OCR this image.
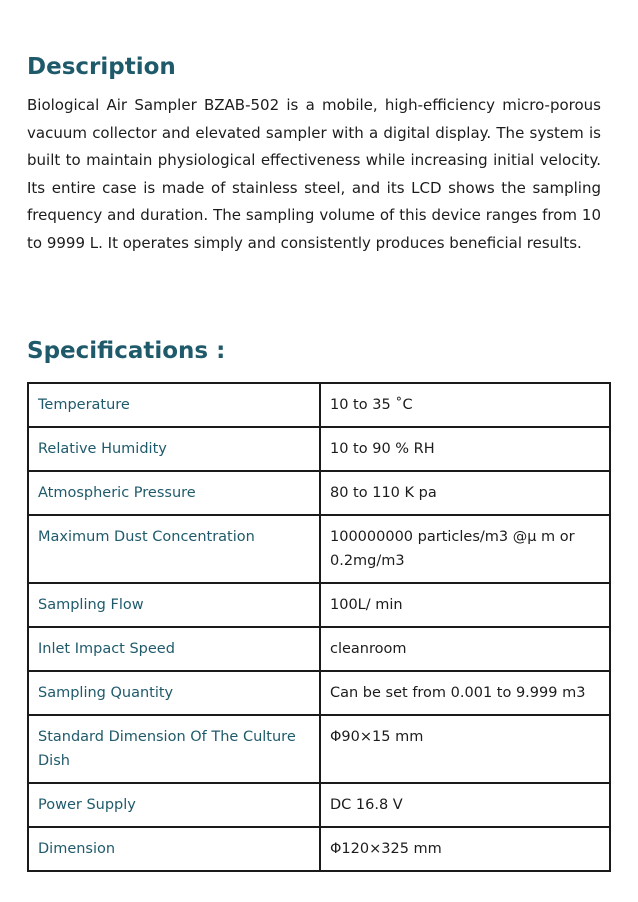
Description

Biological Air Sampler BZAB-502 is a mobile, high-efficiency micro-porous vacuum collector and elevated sampler with a digital display. The system is built to maintain physiological effectiveness while increasing initial velocity. Its entire case is made of stainless steel, and its LCD shows the sampling frequency and duration. The sampling volume of this device ranges from 10 to 9999 L. It operates simply and consistently produces beneficial results.

Specifications :
Temperature	10 to 35 ˚C
Relative Humidity	10 to 90 % RH
Atmospheric Pressure	80 to 110 K pa
Maximum Dust Concentration	100000000 particles/m3 @μ m or 0.2mg/m3
Sampling Flow	100L/ min
Inlet Impact Speed	cleanroom
Sampling Quantity	Can be set from 0.001 to 9.999 m3
Standard Dimension Of The Culture Dish	Φ90×15 mm
Power Supply	DC 16.8 V
Dimension	Φ120×325 mm
